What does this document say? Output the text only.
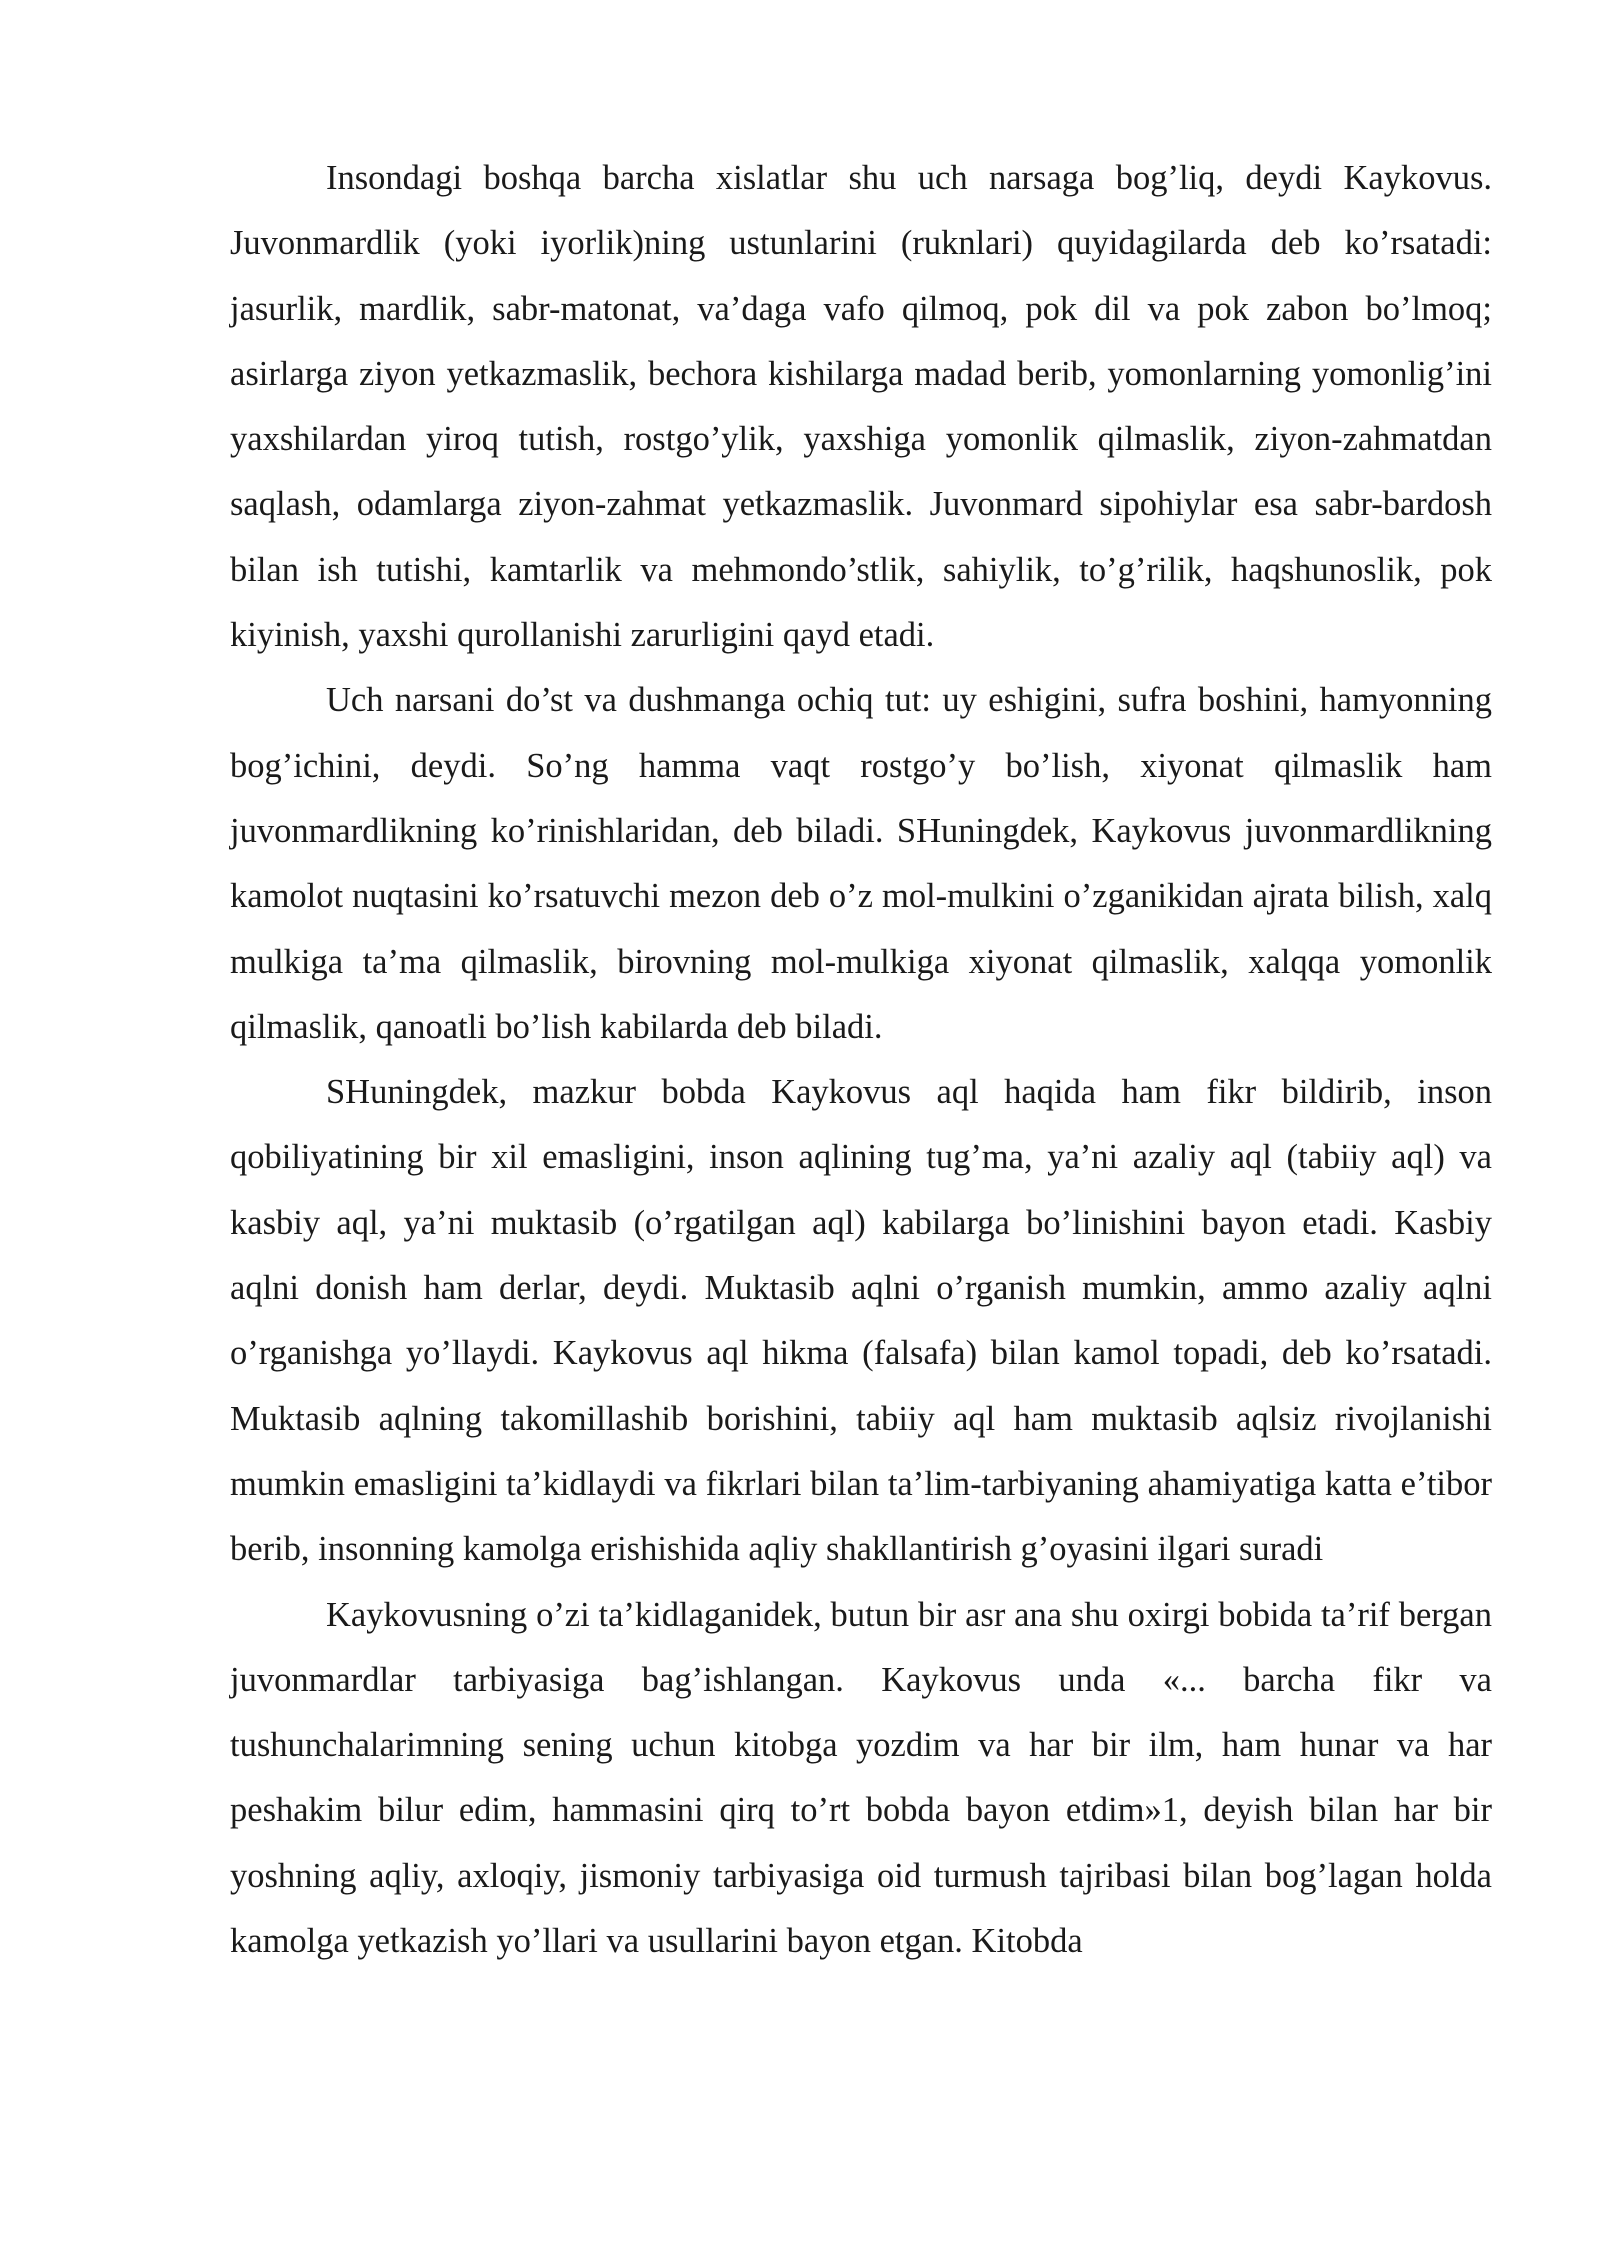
Insondagi boshqa barcha xislatlar shu uch narsaga bog’liq, deydi Kaykovus. Juvonmardlik (yoki iyorlik)ning ustunlarini (ruknlari) quyidagilarda deb ko’rsatadi: jasurlik, mardlik, sabr-matonat, va’daga vafo qilmoq, pok dil va pok zabon bo’lmoq; asirlarga ziyon yetkazmaslik, bechora kishilarga madad berib, yomonlarning yomonlig’ini yaxshilardan yiroq tutish, rostgo’ylik, yaxshiga yomonlik qilmaslik, ziyon-zahmatdan saqlash, odamlarga ziyon-zahmat yetkazmaslik. Juvonmard sipohiylar esa sabr-bardosh bilan ish tutishi, kamtarlik va mehmondo’stlik, sahiylik, to’g’rilik, haqshunoslik, pok kiyinish, yaxshi qurollanishi zarurligini qayd etadi.

Uch narsani do’st va dushmanga ochiq tut: uy eshigini, sufra boshini, hamyonning bog’ichini, deydi. So’ng hamma vaqt rostgo’y bo’lish, xiyonat qilmaslik ham juvonmardlikning ko’rinishlaridan, deb biladi. SHuningdek, Kaykovus juvonmardlikning kamolot nuqtasini ko’rsatuvchi mezon deb o’z mol-mulkini o’zganikidan ajrata bilish, xalq mulkiga ta’ma qilmaslik, birovning mol-mulkiga xiyonat qilmaslik, xalqqa yomonlik qilmaslik, qanoatli bo’lish kabilarda deb biladi.

SHuningdek, mazkur bobda Kaykovus aql haqida ham fikr bildirib, inson qobiliyatining bir xil emasligini, inson aqlining tug’ma, ya’ni azaliy aql (tabiiy aql) va kasbiy aql, ya’ni muktasib (o’rgatilgan aql) kabilarga bo’linishini bayon etadi. Kasbiy aqlni donish ham derlar, deydi. Muktasib aqlni o’rganish mumkin, ammo azaliy aqlni o’rganishga yo’llaydi. Kaykovus aql hikma (falsafa) bilan kamol topadi, deb ko’rsatadi. Muktasib aqlning takomillashib borishini, tabiiy aql ham muktasib aqlsiz rivojlanishi mumkin emasligini ta’kidlaydi va fikrlari bilan ta’lim-tarbiyaning ahamiyatiga katta e’tibor berib, insonning kamolga erishishida aqliy shakllantirish g’oyasini ilgari suradi

Kaykovusning o’zi ta’kidlaganidek, butun bir asr ana shu oxirgi bobida ta’rif bergan juvonmardlar tarbiyasiga bag’ishlangan. Kaykovus unda «... barcha fikr va tushunchalarimning sening uchun kitobga yozdim va har bir ilm, ham hunar va har peshakim bilur edim, hammasini qirq to’rt bobda bayon etdim»1, deyish bilan har bir yoshning aqliy, axloqiy, jismoniy tarbiyasiga oid turmush tajribasi bilan bog’lagan holda kamolga yetkazish yo’llari va usullarini bayon etgan. Kitobda
